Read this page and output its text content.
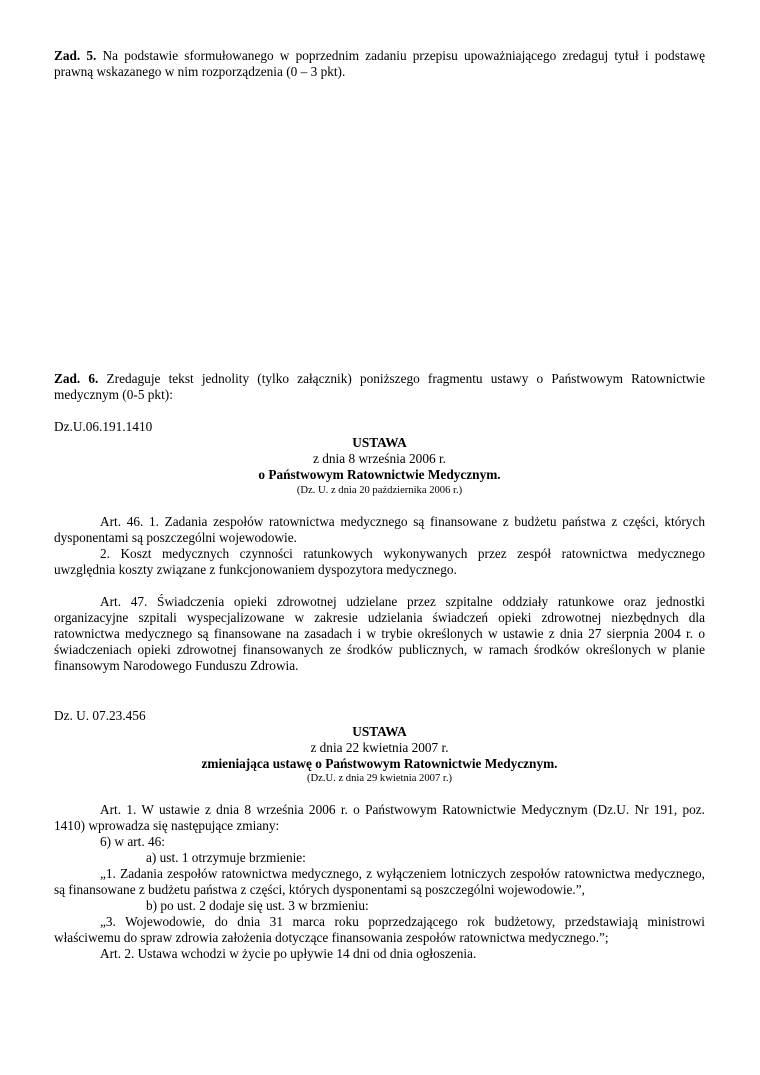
Zad. 5. Na podstawie sformułowanego w poprzednim zadaniu przepisu upoważniającego zredaguj tytuł i podstawę prawną wskazanego w nim rozporządzenia (0 – 3 pkt).

Zad. 6. Zredaguje tekst jednolity (tylko załącznik) poniższego fragmentu ustawy o Państwowym Ratownictwie medycznym (0-5 pkt):

Dz.U.06.191.1410

USTAWA

z dnia 8 września 2006 r.

o Państwowym Ratownictwie Medycznym.

(Dz. U. z dnia 20 października 2006 r.)

Art. 46. 1. Zadania zespołów ratownictwa medycznego są finansowane z budżetu państwa z części, których dysponentami są poszczególni wojewodowie.

2. Koszt medycznych czynności ratunkowych wykonywanych przez zespół ratownictwa medycznego uwzględnia koszty związane z funkcjonowaniem dyspozytora medycznego.

Art. 47. Świadczenia opieki zdrowotnej udzielane przez szpitalne oddziały ratunkowe oraz jednostki organizacyjne szpitali wyspecjalizowane w zakresie udzielania świadczeń opieki zdrowotnej niezbędnych dla ratownictwa medycznego są finansowane na zasadach i w trybie określonych w ustawie z dnia 27 sierpnia 2004 r. o świadczeniach opieki zdrowotnej finansowanych ze środków publicznych, w ramach środków określonych w planie finansowym Narodowego Funduszu Zdrowia.

Dz. U. 07.23.456

USTAWA

z dnia 22 kwietnia 2007 r.

zmieniająca ustawę o Państwowym Ratownictwie Medycznym.

(Dz.U. z dnia 29 kwietnia 2007 r.)

Art. 1. W ustawie z dnia 8 września 2006 r. o Państwowym Ratownictwie Medycznym (Dz.U. Nr 191, poz. 1410) wprowadza się następujące zmiany:

6) w art. 46:

a) ust. 1 otrzymuje brzmienie:

„1. Zadania zespołów ratownictwa medycznego, z wyłączeniem lotniczych zespołów ratownictwa medycznego, są finansowane z budżetu państwa z części, których dysponentami są poszczególni wojewodowie.”,

b) po ust. 2 dodaje się ust. 3 w brzmieniu:

„3. Wojewodowie, do dnia 31 marca roku poprzedzającego rok budżetowy, przedstawiają ministrowi właściwemu do spraw zdrowia założenia dotyczące finansowania zespołów ratownictwa medycznego.”;

Art. 2. Ustawa wchodzi w życie po upływie 14 dni od dnia ogłoszenia.
